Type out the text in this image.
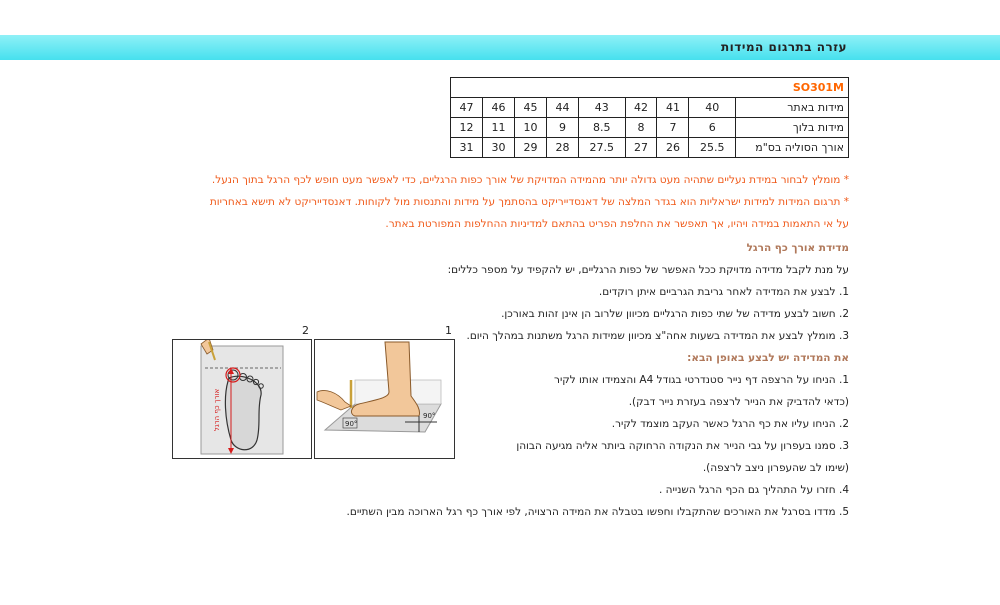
עזרה בתרגום המידות
SO301M								
מידות באתר	40	41	42	43	44	45	46	47
מידות בלוך	6	7	8	8.5	9	10	11	12
אורך הסוליה בס"מ	25.5	26	27	27.5	28	29	30	31
* מומלץ לבחור במידת נעליים שתהיה מעט גדולה יותר מהמידה המדויקת של אורך כפות הרגליים, כדי לאפשר מעט חופש לכף הרגל בתוך הנעל.
* תרגום המידות למידות ישראליות הוא בגדר המלצה של דאנסדייריקט בהסתמך על מידות והתנסות מול לקוחות. דאנסדייריקט לא תישא באחריות
על אי התאמות במידה ויהיו, אך תאפשר את החלפת הפריט בהתאם למדיניות ההחלפות המפורטת באתר.
מדידת אורך כף הרגל
על מנת לקבל מדידה מדויקת ככל האפשר של כפות הרגליים, יש להקפיד על מספר כללים:
1. לבצע את המדידה לאחר גריבת הגרביים איתן רוקדים.
2. חשוב לבצע מדידה של שתי כפות הרגליים מכיוון שלרוב הן אינן זהות באורכן.
3. מומלץ לבצע את המדידה בשעות אחה"צ מכיוון שמידות הרגל משתנות במהלך היום.
את המדידה יש לבצע באופן הבא:
1. הניחו על הרצפה דף נייר סטנדרטי בגודל A4 והצמידו אותו לקיר
(כדאי להדביק את הנייר לרצפה בעזרת נייר דבק).
2. הניחו עליו את כף הרגל כאשר העקב מוצמד לקיר.
3. סמנו בעפרון על גבי הנייר את הנקודה הרחוקה ביותר אליה מגיעה הבוהן
(שימו לב שהעפרון ניצב לרצפה).
4. חזרו על התהליך גם הכף הרגל השנייה .
5. מדדו בסרגל את האורכים שהתקבלו וחפשו בטבלה את המידה הרצויה, לפי אורך כף רגל הארוכה מבין השתיים.
2	1
אורך כף הרגל	90°
90°
